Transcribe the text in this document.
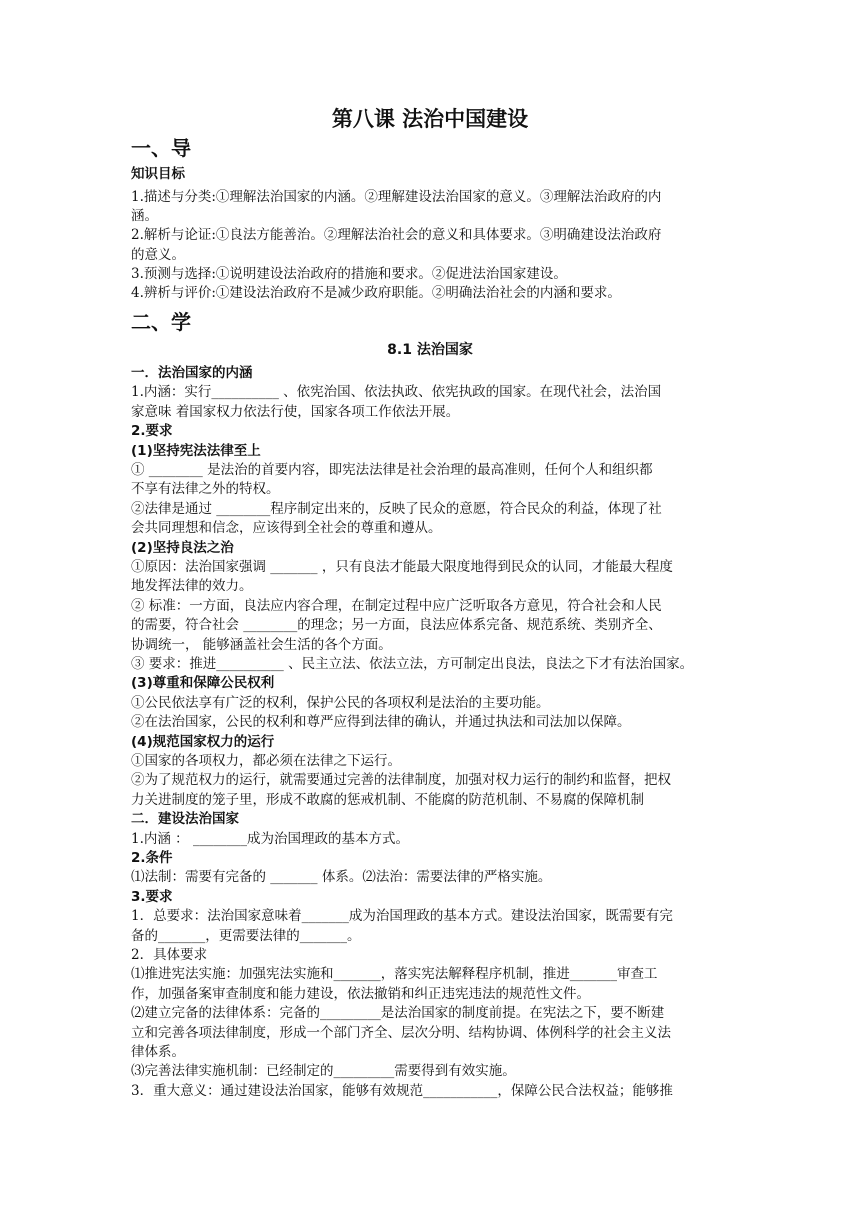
第八课 法治中国建设
一、导
知识目标
1.描述与分类:①理解法治国家的内涵。②理解建设法治国家的意义。③理解法治政府的内
涵。
2.解析与论证:①良法方能善治。②理解法治社会的意义和具体要求。③明确建设法治政府
的意义。
3.预测与选择:①说明建设法治政府的措施和要求。②促进法治国家建设。
4.辨析与评价:①建设法治政府不是减少政府职能。②明确法治社会的内涵和要求。
二、学
8.1 法治国家
一．法治国家的内涵
1.内涵：实行__________ 、依宪治国、依法执政、依宪执政的国家。在现代社会，法治国
家意味 着国家权力依法行使，国家各项工作依法开展。
2.要求
(1)坚持宪法法律至上
① ________ 是法治的首要内容，即宪法法律是社会治理的最高准则，任何个人和组织都
不享有法律之外的特权。
②法律是通过 ________程序制定出来的，反映了民众的意愿，符合民众的利益，体现了社
会共同理想和信念，应该得到全社会的尊重和遵从。
(2)坚持良法之治
①原因：法治国家强调 _______ ，只有良法才能最大限度地得到民众的认同，才能最大程度
地发挥法律的效力。
② 标准：一方面，良法应内容合理，在制定过程中应广泛听取各方意见，符合社会和人民
的需要，符合社会 ________的理念；另一方面，良法应体系完备、规范系统、类别齐全、
协调统一， 能够涵盖社会生活的各个方面。
③ 要求：推进__________ 、民主立法、依法立法，方可制定出良法，良法之下才有法治国家。
(3)尊重和保障公民权利
①公民依法享有广泛的权利，保护公民的各项权利是法治的主要功能。
②在法治国家，公民的权利和尊严应得到法律的确认，并通过执法和司法加以保障。
(4)规范国家权力的运行
①国家的各项权力，都必须在法律之下运行。
②为了规范权力的运行，就需要通过完善的法律制度，加强对权力运行的制约和监督，把权
力关进制度的笼子里，形成不敢腐的惩戒机制、不能腐的防范机制、不易腐的保障机制
二．建设法治国家
1.内涵 ： ________成为治国理政的基本方式。
2.条件
⑴法制：需要有完备的 _______ 体系。⑵法治：需要法律的严格实施。
3.要求
1．总要求：法治国家意味着_______成为治国理政的基本方式。建设法治国家，既需要有完
备的_______，更需要法律的_______。
2．具体要求
⑴推进宪法实施：加强宪法实施和_______，落实宪法解释程序机制，推进_______审查工
作，加强备案审查制度和能力建设，依法撤销和纠正违宪违法的规范性文件。
⑵建立完备的法律体系：完备的_________是法治国家的制度前提。在宪法之下，要不断建
立和完善各项法律制度，形成一个部门齐全、层次分明、结构协调、体例科学的社会主义法
律体系。
⑶完善法律实施机制：已经制定的_________需要得到有效实施。
3．重大意义：通过建设法治国家，能够有效规范___________，保障公民合法权益；能够推
